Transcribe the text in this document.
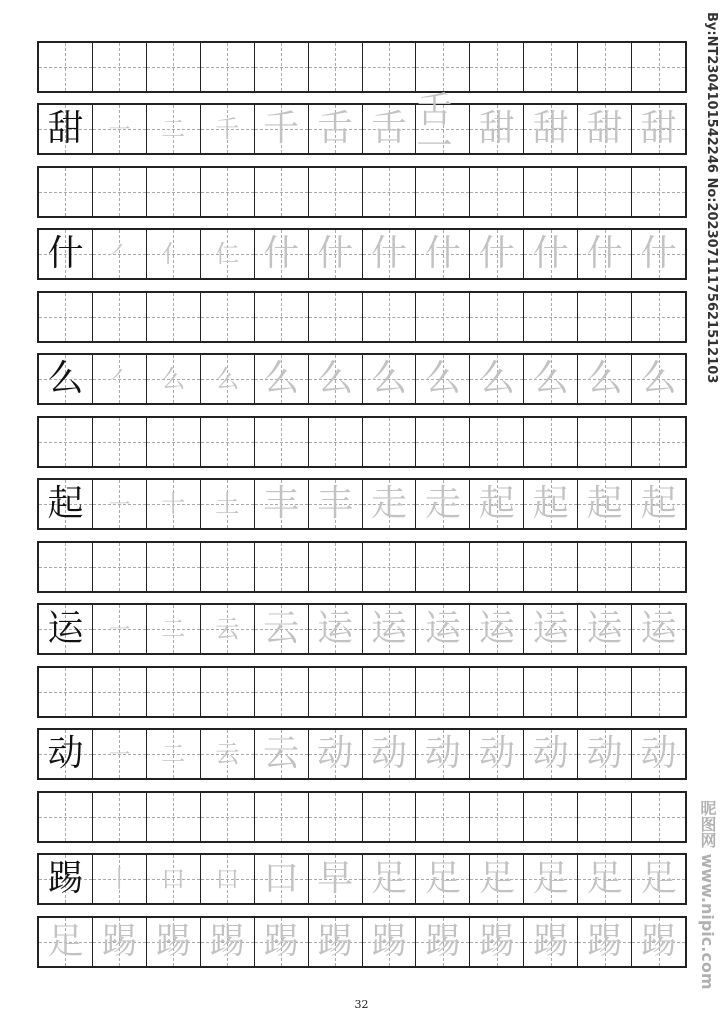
甜 ㇐ 二 千 千 舌 舌 舌一 甜 甜 甜 甜
什 ㇒ 亻 仁 什 什 什 什 什 什 什 什
么 ㇒ 么 么 么 么 么 么 么 么 么 么
起 ㇐ 十 土 丰 丰 走 走 起 起 起 起
运 ㇐ 二 云 云 运 运 运 运 运 运 运
动 ㇐ 二 云 云 动 动 动 动 动 动 动
踢 丨 口 口 口 早 足 足 足 足 足 足
足 踢 踢 踢 踢 踢 踢 踢 踢 踢 踢 踢
32
By:NT2304101542246 No:20230711175621512103
昵图网 www.nipic.com
